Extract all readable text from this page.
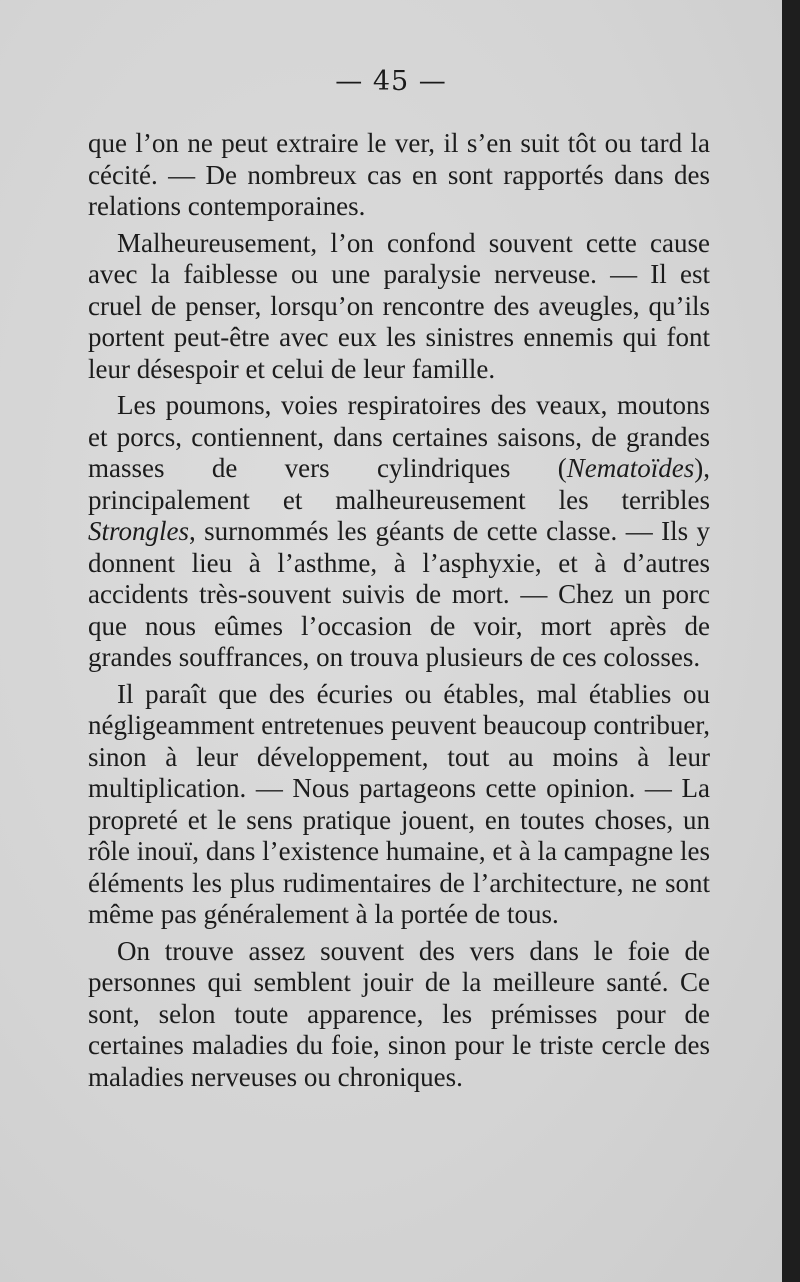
— 45 —

que l’on ne peut extraire le ver, il s’en suit tôt ou tard la cécité. — De nombreux cas en sont rapportés dans des relations contemporaines.

Malheureusement, l’on confond souvent cette cause avec la faiblesse ou une paralysie nerveuse. — Il est cruel de penser, lorsqu’on rencontre des aveugles, qu’ils portent peut-être avec eux les sinistres ennemis qui font leur désespoir et celui de leur famille.

Les poumons, voies respiratoires des veaux, moutons et porcs, contiennent, dans certaines saisons, de grandes masses de vers cylindriques (Nematoïdes), principalement et malheureusement les terribles Strongles, surnommés les géants de cette classe. — Ils y donnent lieu à l’asthme, à l’asphyxie, et à d’autres accidents très-souvent suivis de mort. — Chez un porc que nous eûmes l’occasion de voir, mort après de grandes souffrances, on trouva plusieurs de ces colosses.

Il paraît que des écuries ou étables, mal établies ou négligeamment entretenues peuvent beaucoup contribuer, sinon à leur développement, tout au moins à leur multiplication. — Nous partageons cette opinion. — La propreté et le sens pratique jouent, en toutes choses, un rôle inouï, dans l’existence humaine, et à la campagne les éléments les plus rudimentaires de l’architecture, ne sont même pas généralement à la portée de tous.

On trouve assez souvent des vers dans le foie de personnes qui semblent jouir de la meilleure santé. Ce sont, selon toute apparence, les prémisses pour de certaines maladies du foie, sinon pour le triste cercle des maladies nerveuses ou chroniques.
